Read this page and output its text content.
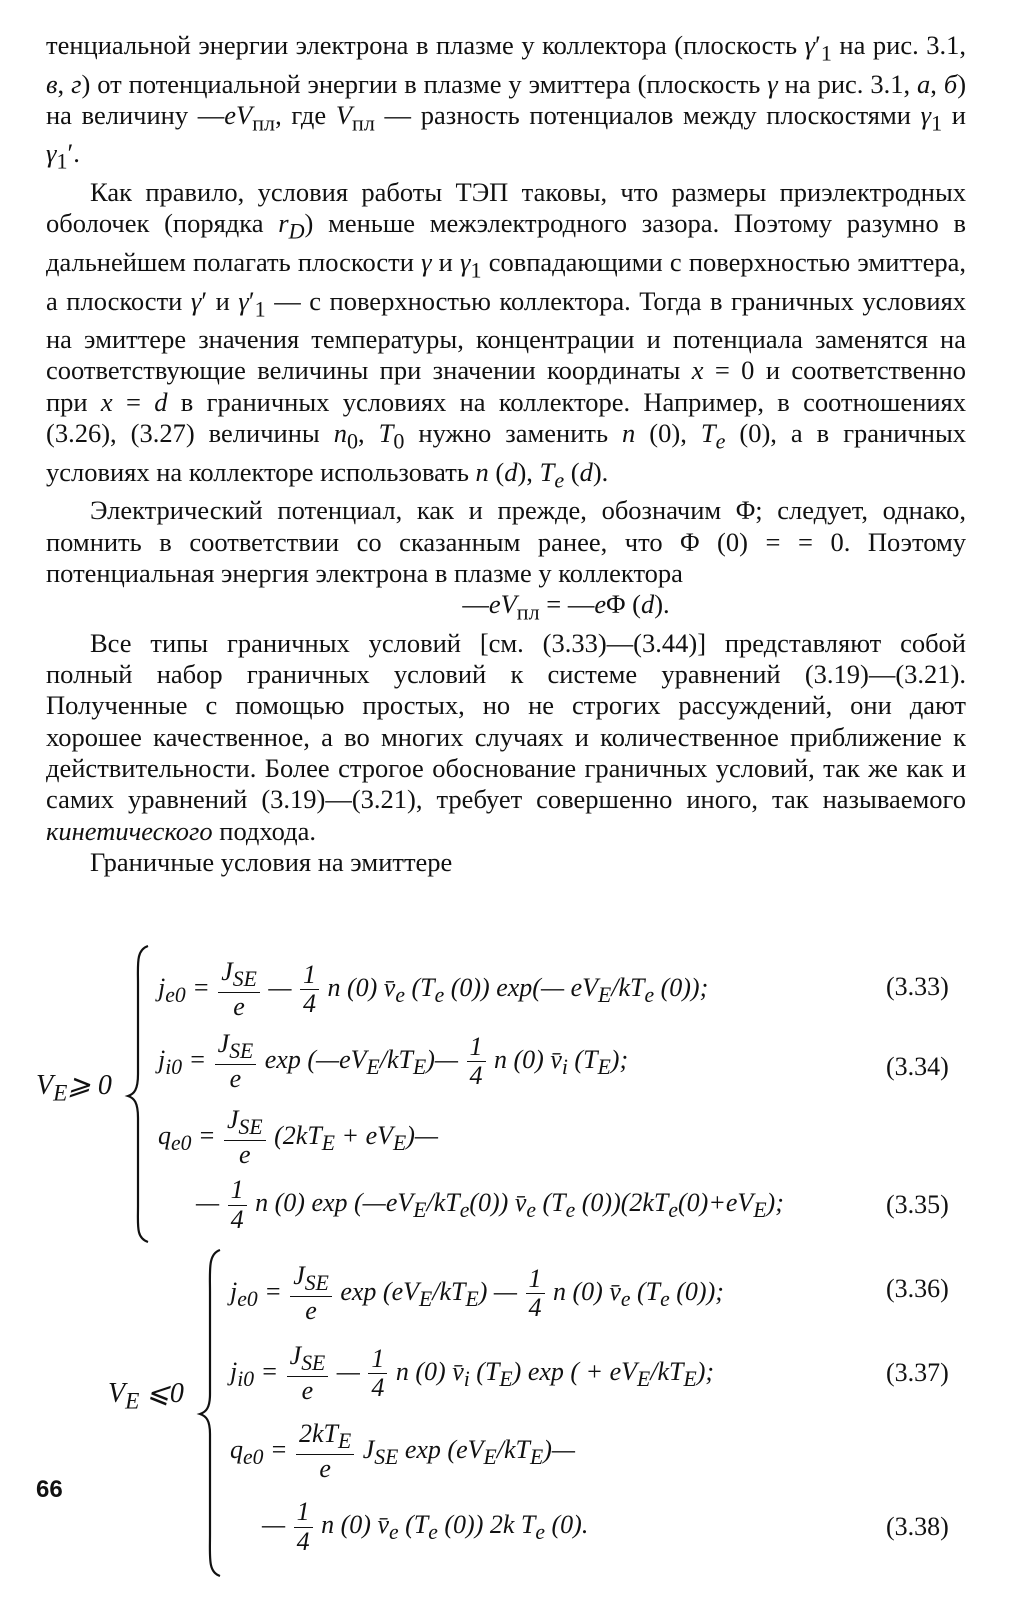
тенциальной энергии электрона в плазме у коллектора (плоскость $\gamma'_1$ на рис. 3.1, в, г) от потенциальной энергии в плазме у эмиттера (плоскость γ на рис. 3.1, а, б) на величину $—eV_{пл}$, где $V_{пл}$ — разность потенциалов между плоскостями $\gamma_1$ и $\gamma_1'$.

Как правило, условия работы ТЭП таковы, что размеры приэлектродных оболочек (порядка $r_D$) меньше межэлектродного зазора. Поэтому разумно в дальнейшем полагать плоскости γ и $\gamma_1$ совпадающими с поверхностью эмиттера, а плоскости γ′ и $\gamma'_1$ — с поверхностью коллектора. Тогда в граничных условиях на эмиттере значения температуры, концентрации и потенциала заменятся на соответствующие величины при значении координаты x = 0 и соответственно при x = d в граничных условиях на коллекторе. Например, в соотношениях (3.26), (3.27) величины $n_0$, $T_0$ нужно заменить n (0), $T_e$ (0), а в граничных условиях на коллекторе использовать n (d), $T_e$ (d).

Электрический потенциал, как и прежде, обозначим Φ; следует, однако, помнить в соответствии со сказанным ранее, что Φ (0) = = 0. Поэтому потенциальная энергия электрона в плазме у коллектора

$—eV_{пл}$ = —eΦ (d).

Все типы граничных условий [см. (3.33)—(3.44)] представляют собой полный набор граничных условий к системе уравнений (3.19)—(3.21). Полученные с помощью простых, но не строгих рассуждений, они дают хорошее качественное, а во многих случаях и количественное приближение к действительности. Более строгое обоснование граничных условий, так же как и самих уравнений (3.19)—(3.21), требует совершенно иного, так называемого кинетического подхода.

Граничные условия на эмиттере

$V_E⩾$ 0
$j_{e0} = \frac{J_{SE}}{e}$ — $\frac{1}{4}$ n (0) $v̄_e$ ($T_e$ (0)) exp(— $eV_E/kT_e$ (0));	(3.33)
$j_{i0} = \frac{J_{SE}}{e}$ $\exp (—eV_E/kT_E)— \frac{1}{4}$ n (0) $v̄_i$ $(T_E)$;	(3.34)
$q_{e0} = \frac{J_{SE}}{e} (2kT_E$ + $eV_E)—$
— $\frac{1}{4}$ n (0) $\exp (—eV_E/kT_e(0))$ $v̄_e$ ($T_e$ $(0))(2kT_e(0)+eV_E)$;	(3.35)
$V_E$ ⩽0
$j_{e0} = \frac{J_{SE}}{e}$ $\exp (eV_E/kT_E)$ — $\frac{1}{4}$ n (0) $v̄_e$ ($T_e$ (0));	(3.36)
$j_{i0} = \frac{J_{SE}}{e}$ — $\frac{1}{4}$ n (0) $v̄_i$ $(T_E)$ exp ( + $eV_E/kT_E$);	(3.37)
$q_{e0} = \frac{2kT_E}{e} J_{SE}$ $\exp (eV_E/kT_E)—$
— $\frac{1}{4}$ n (0) $v̄_e$ ($T_e$ (0)) 2k $T_e$ (0).	(3.38)
66
